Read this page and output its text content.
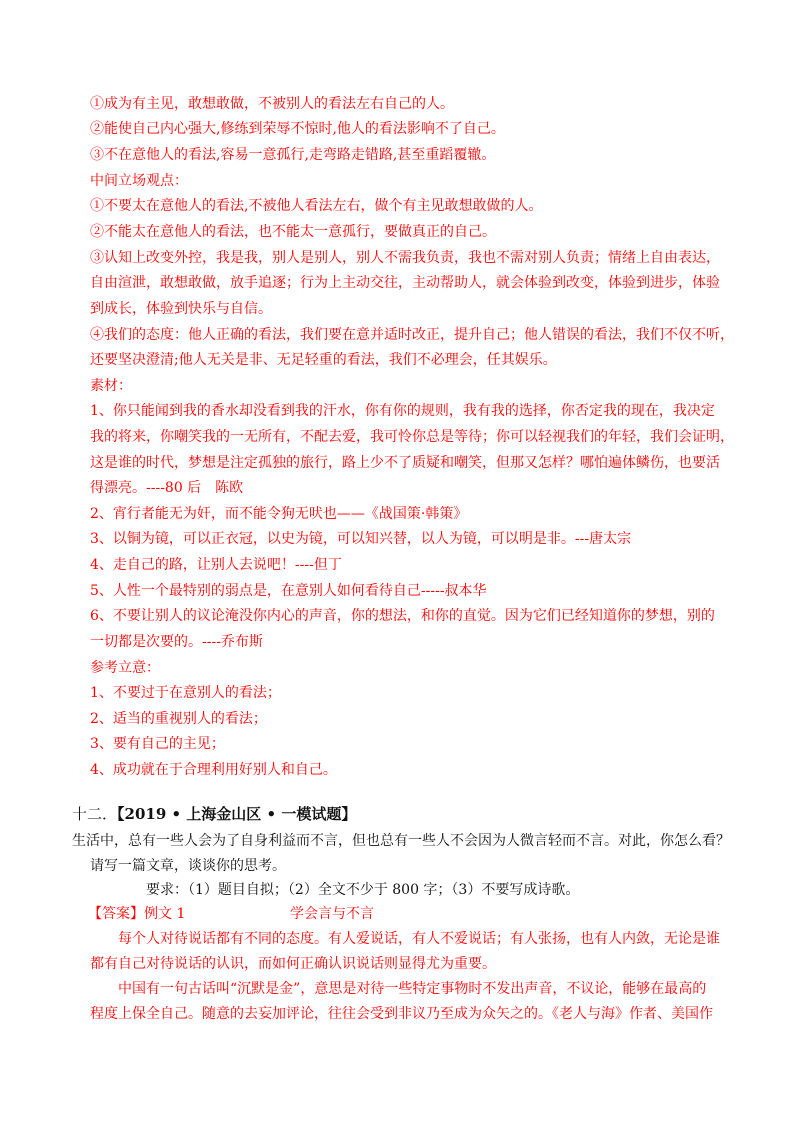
①成为有主见，敢想敢做，不被别人的看法左右自己的人。
②能使自己内心强大,修练到荣辱不惊时,他人的看法影响不了自己。
③不在意他人的看法,容易一意孤行,走弯路走错路,甚至重蹈覆辙。
中间立场观点：
①不要太在意他人的看法,不被他人看法左右，做个有主见敢想敢做的人。
②不能太在意他人的看法，也不能太一意孤行，要做真正的自己。
③认知上改变外控，我是我，别人是别人，别人不需我负责，我也不需对别人负责；情绪上自由表达，
自由渲泄，敢想敢做，放手追逐；行为上主动交往，主动帮助人，就会体验到改变，体验到进步，体验
到成长，体验到快乐与自信。
④我们的态度：他人正确的看法，我们要在意并适时改正，提升自己；他人错误的看法，我们不仅不听，
还要坚决澄清;他人无关是非、无足轻重的看法，我们不必理会，任其娱乐。
素材：
1、你只能闻到我的香水却没看到我的汗水，你有你的规则，我有我的选择，你否定我的现在，我决定
我的将来，你嘲笑我的一无所有，不配去爱，我可怜你总是等待；你可以轻视我们的年轻，我们会证明，
这是谁的时代，梦想是注定孤独的旅行，路上少不了质疑和嘲笑，但那又怎样？哪怕遍体鳞伤，也要活
得漂亮。----80 后　陈欧
2、宵行者能无为奸，而不能令狗无吠也——《战国策·韩策》
3、以铜为镜，可以正衣冠，以史为镜，可以知兴替，以人为镜，可以明是非。---唐太宗
4、走自己的路，让别人去说吧！----但丁
5、人性一个最特别的弱点是，在意别人如何看待自己-----叔本华
6、不要让别人的议论淹没你内心的声音，你的想法，和你的直觉。因为它们已经知道你的梦想，别的
一切都是次要的。----乔布斯
参考立意：
1、不要过于在意别人的看法；
2、适当的重视别人的看法；
3、要有自己的主见；
4、成功就在于合理利用好别人和自己。
十二．【2019 • 上海金山区 • 一模试题】
生活中，总有一些人会为了自身利益而不言，但也总有一些人不会因为人微言轻而不言。对此，你怎么看？
请写一篇文章，谈谈你的思考。
要求：（1）题目自拟；（2）全文不少于 800 字；（3）不要写成诗歌。
【答案】例文 1	学会言与不言
每个人对待说话都有不同的态度。有人爱说话，有人不爱说话；有人张扬，也有人内敛，无论是谁
都有自己对待说话的认识，而如何正确认识说话则显得尤为重要。
中国有一句古话叫“沉默是金”，意思是对待一些特定事物时不发出声音，不议论，能够在最高的
程度上保全自己。随意的去妄加评论，往往会受到非议乃至成为众矢之的。《老人与海》作者、美国作
